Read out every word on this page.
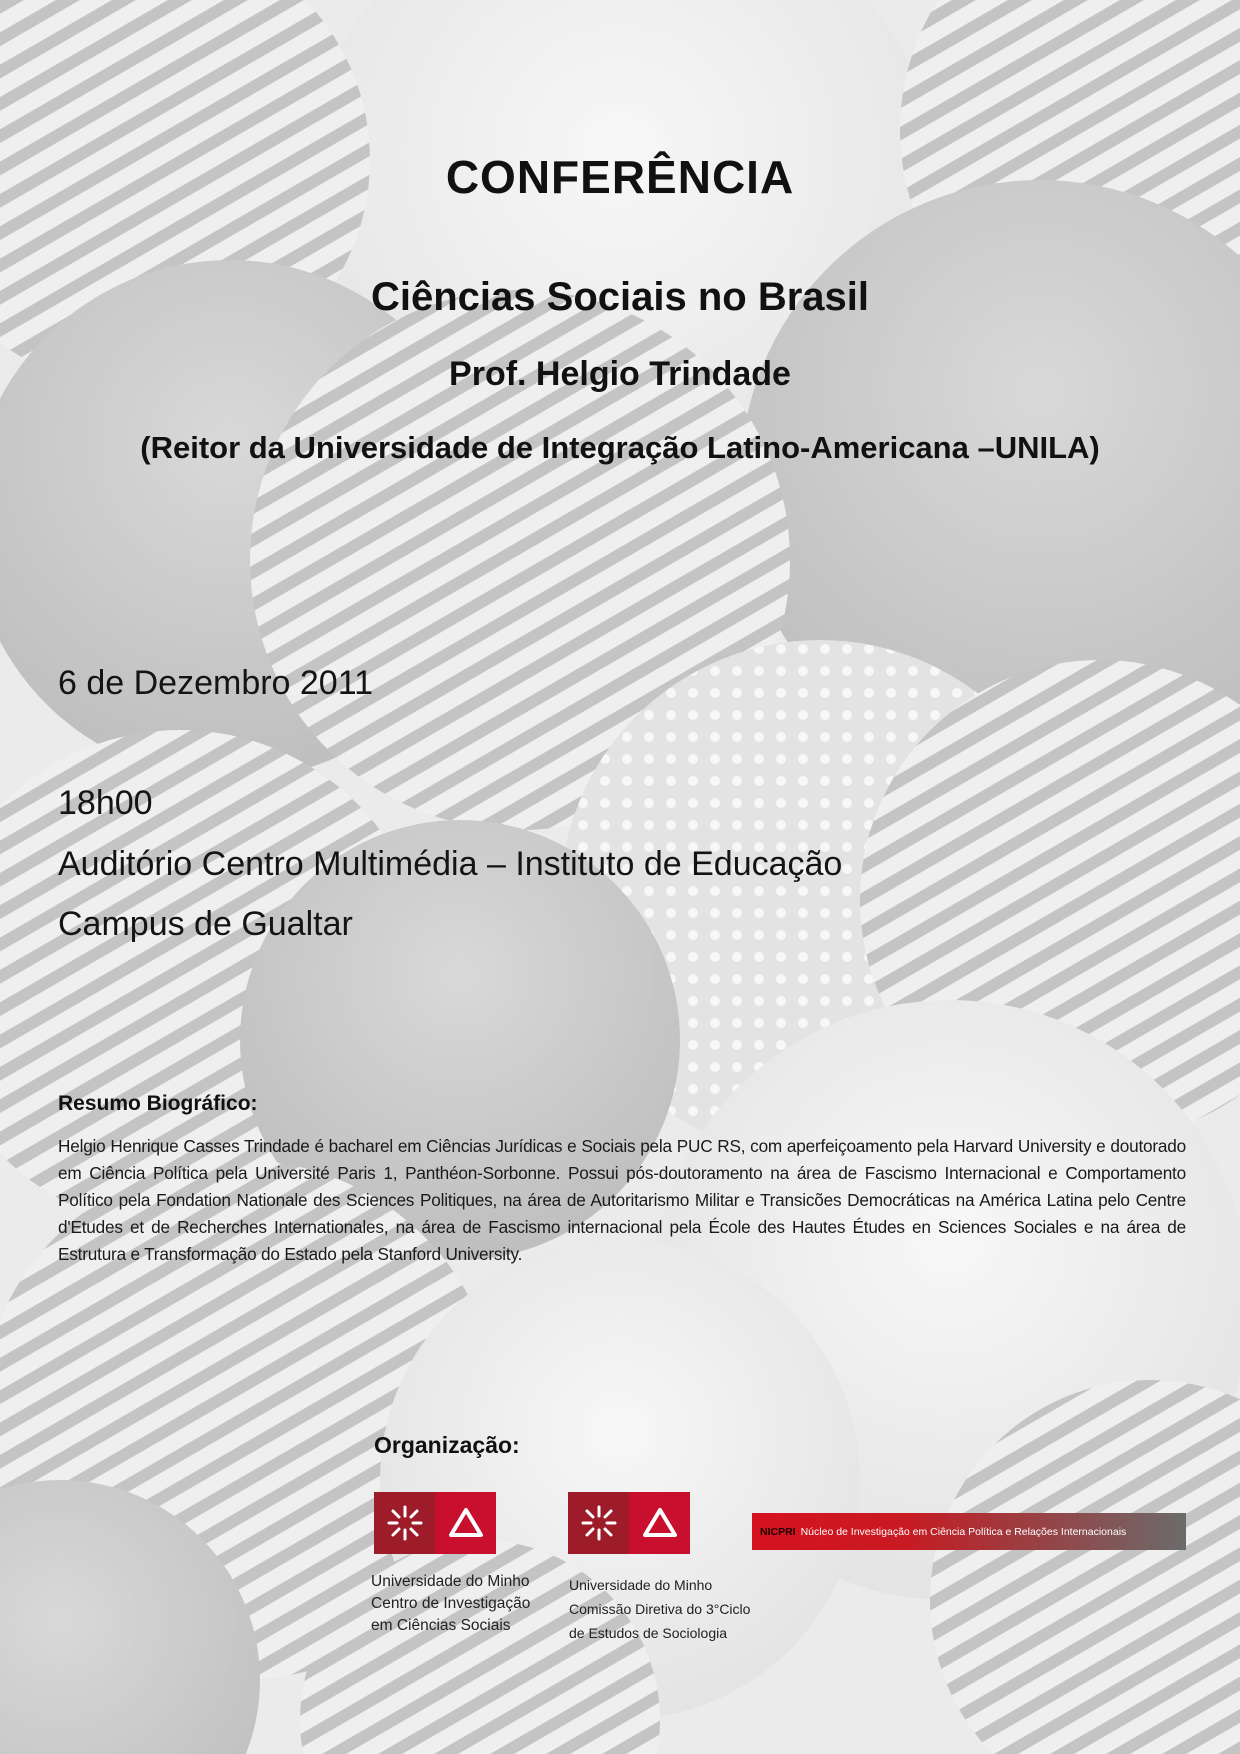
CONFERÊNCIA
Ciências Sociais no Brasil
Prof. Helgio Trindade
(Reitor da Universidade de Integração Latino-Americana –UNILA)
6 de Dezembro 2011
18h00
Auditório Centro Multimédia – Instituto de Educação
Campus de Gualtar
Resumo Biográfico:
Helgio Henrique Casses Trindade é bacharel em Ciências Jurídicas e Sociais pela PUC RS, com aperfeiçoamento pela Harvard University e doutorado em Ciência Política pela Université Paris 1, Panthéon-Sorbonne. Possui pós-doutoramento na área de Fascismo Internacional e Comportamento Político pela Fondation Nationale des Sciences Politiques, na área de Autoritarismo Militar e Transicões Democráticas na América Latina pelo Centre d'Etudes et de Recherches Internationales, na área de Fascismo internacional pela École des Hautes Études en Sciences Sociales e na área de Estrutura e Transformação do Estado pela Stanford University.
Organização:
Universidade do Minho
Centro de Investigação
em Ciências Sociais
Universidade do Minho
Comissão Diretiva do 3°Ciclo
de Estudos de Sociologia
NICPRI Núcleo de Investigação em Ciência Política e Relações Internacionais
